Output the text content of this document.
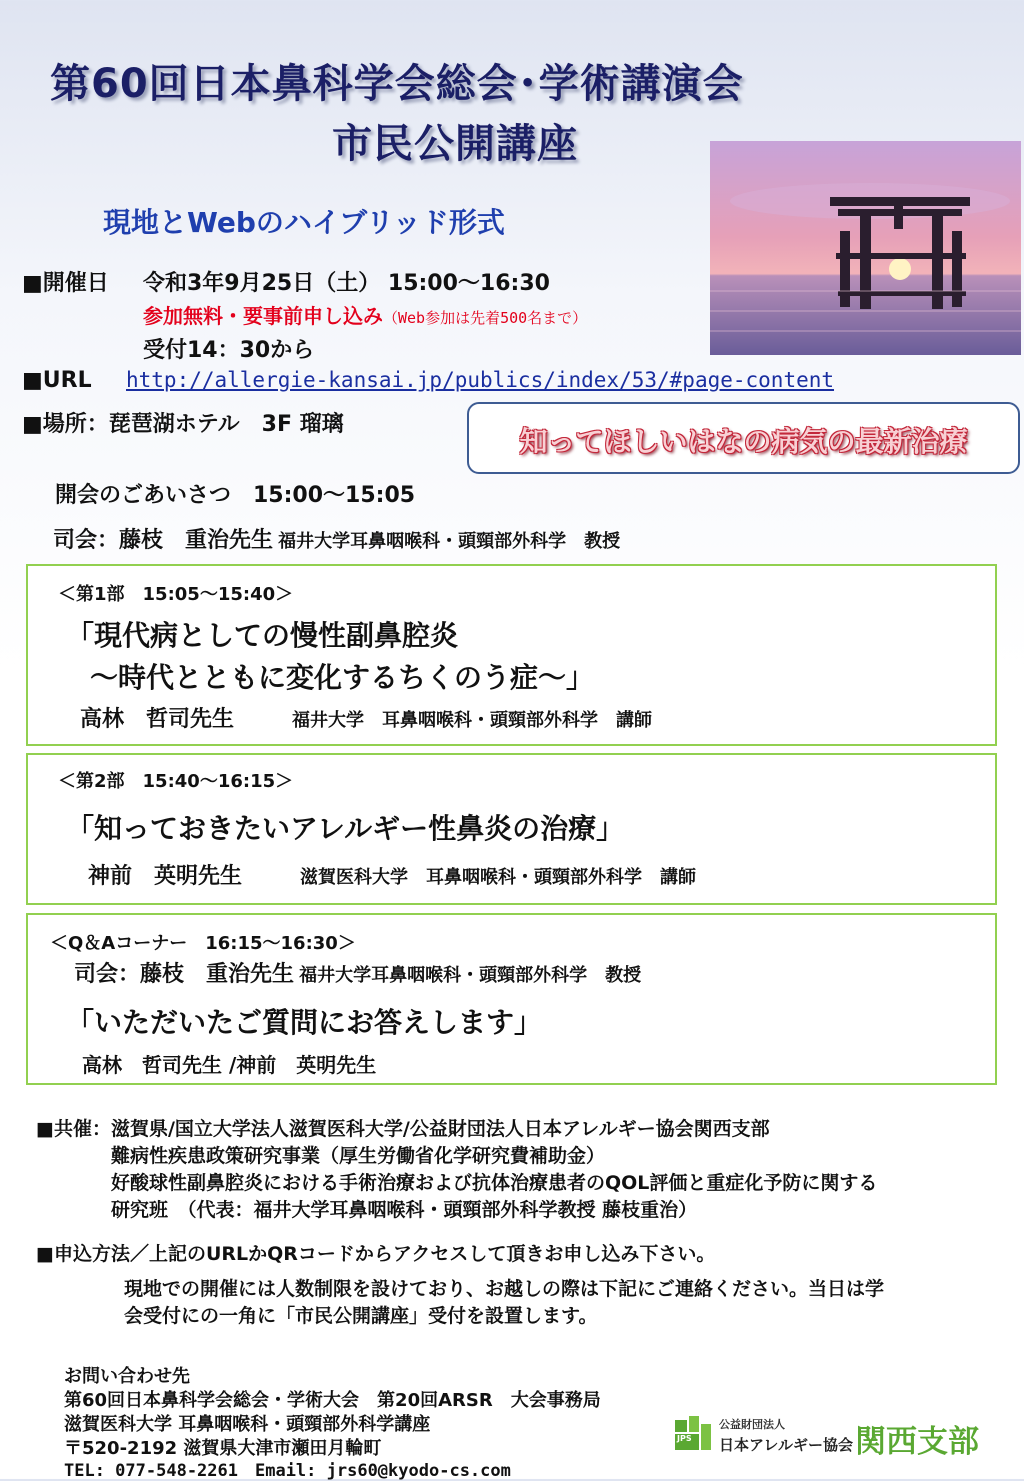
第60回日本鼻科学会総会･学術講演会
市民公開講座
現地とWebのハイブリッド形式
■開催日 令和3年9月25日（土） 15:00～16:30
参加無料・要事前申し込み（Web参加は先着500名まで）
受付14：30から
■URL http://allergie-kansai.jp/publics/index/53/#page-content
■場所：琵琶湖ホテル　3F 瑠璃
知ってほしいはなの病気の最新治療
開会のごあいさつ　15:00～15:05
司会：藤枝　重治先生 福井大学耳鼻咽喉科・頭頸部外科学　教授
＜第1部　15:05～15:40＞
「現代病としての慢性副鼻腔炎
～時代とともに変化するちくのう症～」
高林　哲司先生	福井大学　耳鼻咽喉科・頭頸部外科学　講師
＜第2部　15:40～16:15＞
「知っておきたいアレルギー性鼻炎の治療」
神前　英明先生	滋賀医科大学　耳鼻咽喉科・頭頸部外科学　講師
＜Q＆Aコーナー　16:15～16:30＞
司会：藤枝　重治先生 福井大学耳鼻咽喉科・頭頸部外科学　教授
「いただいたご質問にお答えします」
高林　哲司先生 /神前　英明先生
■共催：滋賀県/国立大学法人滋賀医科大学/公益財団法人日本アレルギー協会関西支部
難病性疾患政策研究事業（厚生労働省化学研究費補助金）
好酸球性副鼻腔炎における手術治療および抗体治療患者のQOL評価と重症化予防に関する
研究班　（代表：福井大学耳鼻咽喉科・頭頸部外科学教授 藤枝重治）
■申込方法／上記のURLかQRコードからアクセスして頂きお申し込み下さい。
現地での開催には人数制限を設けており、お越しの際は下記にご連絡ください。当日は学
会受付にの一角に「市民公開講座」受付を設置します。
お問い合わせ先
第60回日本鼻科学会総会・学術大会　第20回ARSR　大会事務局
滋賀医科大学 耳鼻咽喉科・頭頸部外科学講座
〒520-2192 滋賀県大津市瀬田月輪町
TEL: 077-548-2261　Email: jrs60@kyodo-cs.com
JPS
公益財団法人
日本アレルギー協会 関西支部
